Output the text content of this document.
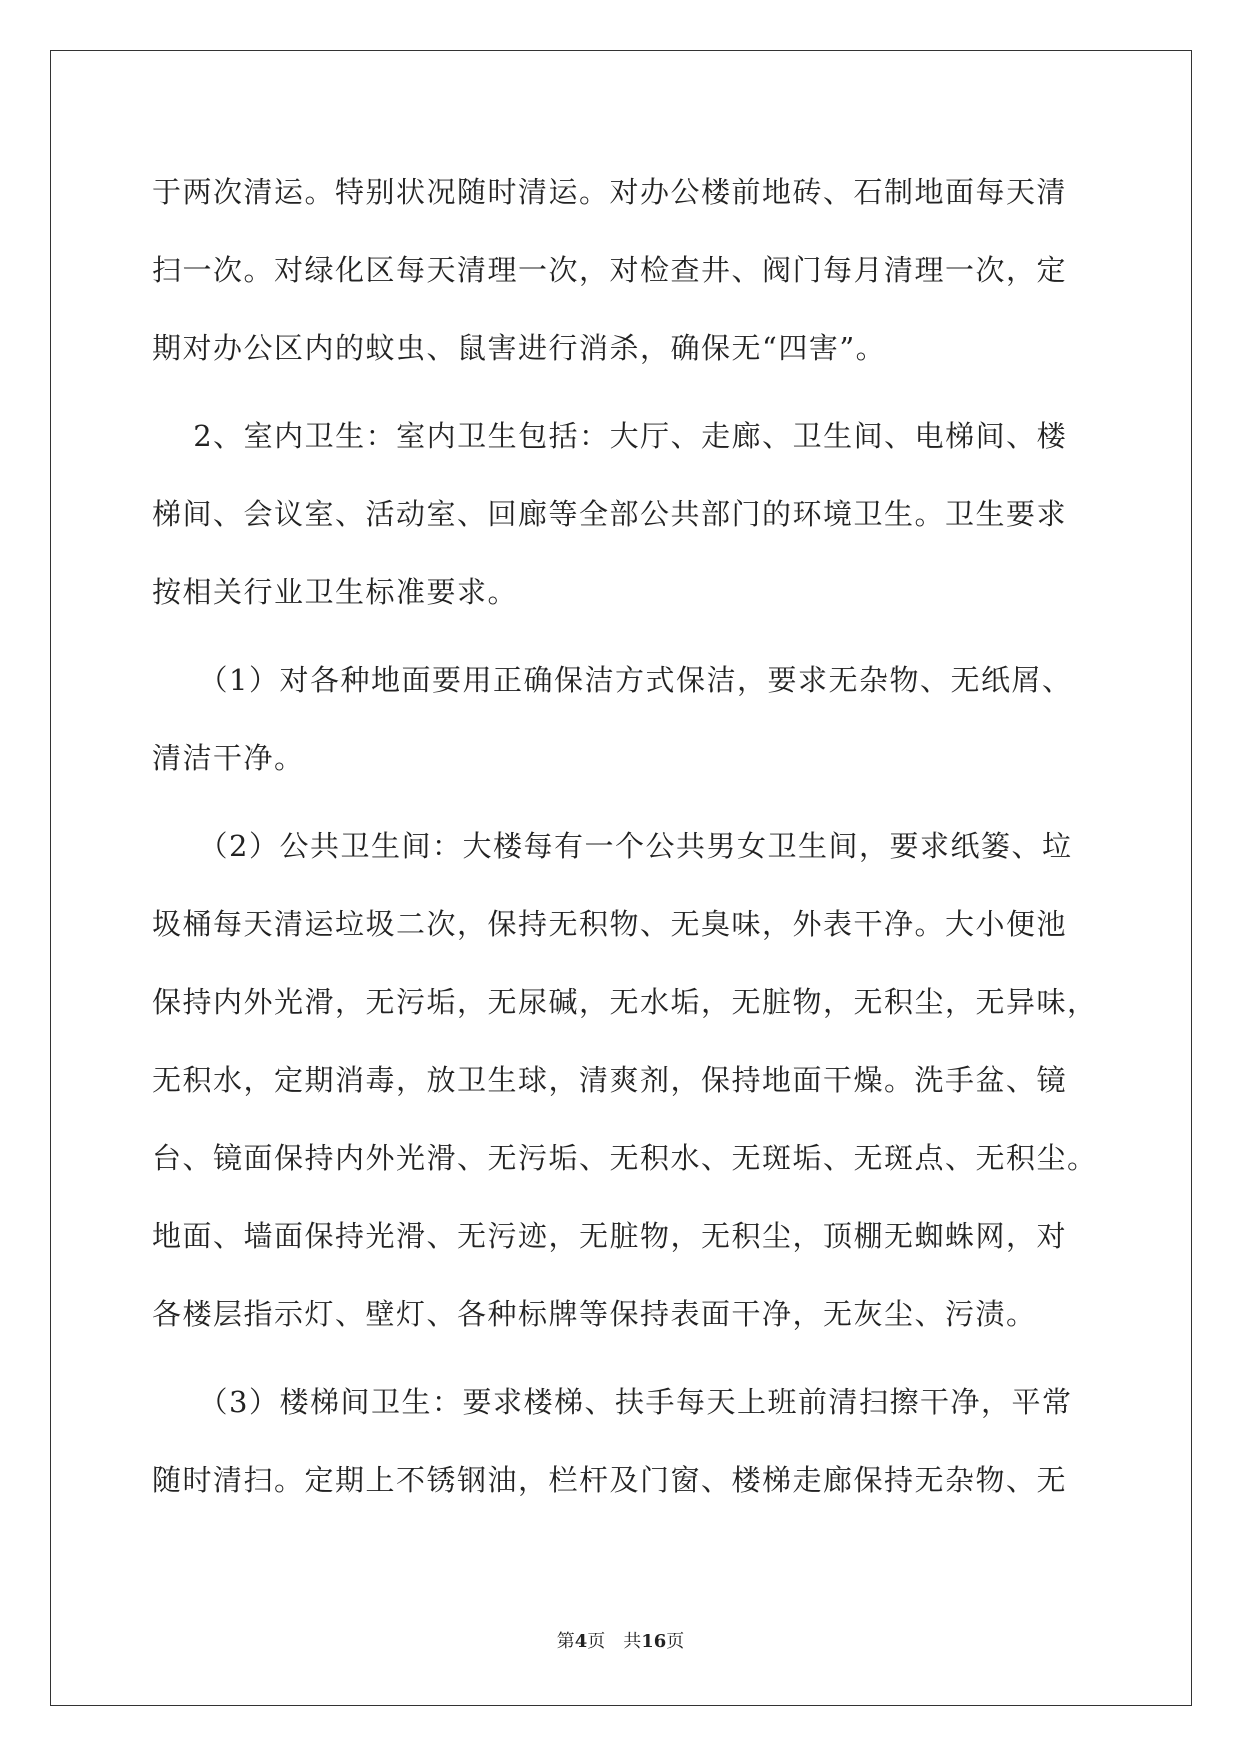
于两次清运。特别状况随时清运。对办公楼前地砖、石制地面每天清
扫一次。对绿化区每天清理一次，对检查井、阀门每月清理一次，定
期对办公区内的蚊虫、鼠害进行消杀，确保无“四害”。
　 2、室内卫生：室内卫生包括：大厅、走廊、卫生间、电梯间、楼
梯间、会议室、活动室、回廊等全部公共部门的环境卫生。卫生要求
按相关行业卫生标准要求。
　　（1）对各种地面要用正确保洁方式保洁，要求无杂物、无纸屑、
清洁干净。
　　（2）公共卫生间：大楼每有一个公共男女卫生间，要求纸篓、垃
圾桶每天清运垃圾二次，保持无积物、无臭味，外表干净。大小便池
保持内外光滑，无污垢，无尿碱，无水垢，无脏物，无积尘，无异味，
无积水，定期消毒，放卫生球，清爽剂，保持地面干燥。洗手盆、镜
台、镜面保持内外光滑、无污垢、无积水、无斑垢、无斑点、无积尘。
地面、墙面保持光滑、无污迹，无脏物，无积尘，顶棚无蜘蛛网，对
各楼层指示灯、壁灯、各种标牌等保持表面干净，无灰尘、污渍。
　　（3）楼梯间卫生：要求楼梯、扶手每天上班前清扫擦干净，平常
随时清扫。定期上不锈钢油，栏杆及门窗、楼梯走廊保持无杂物、无
第4页　共16页
